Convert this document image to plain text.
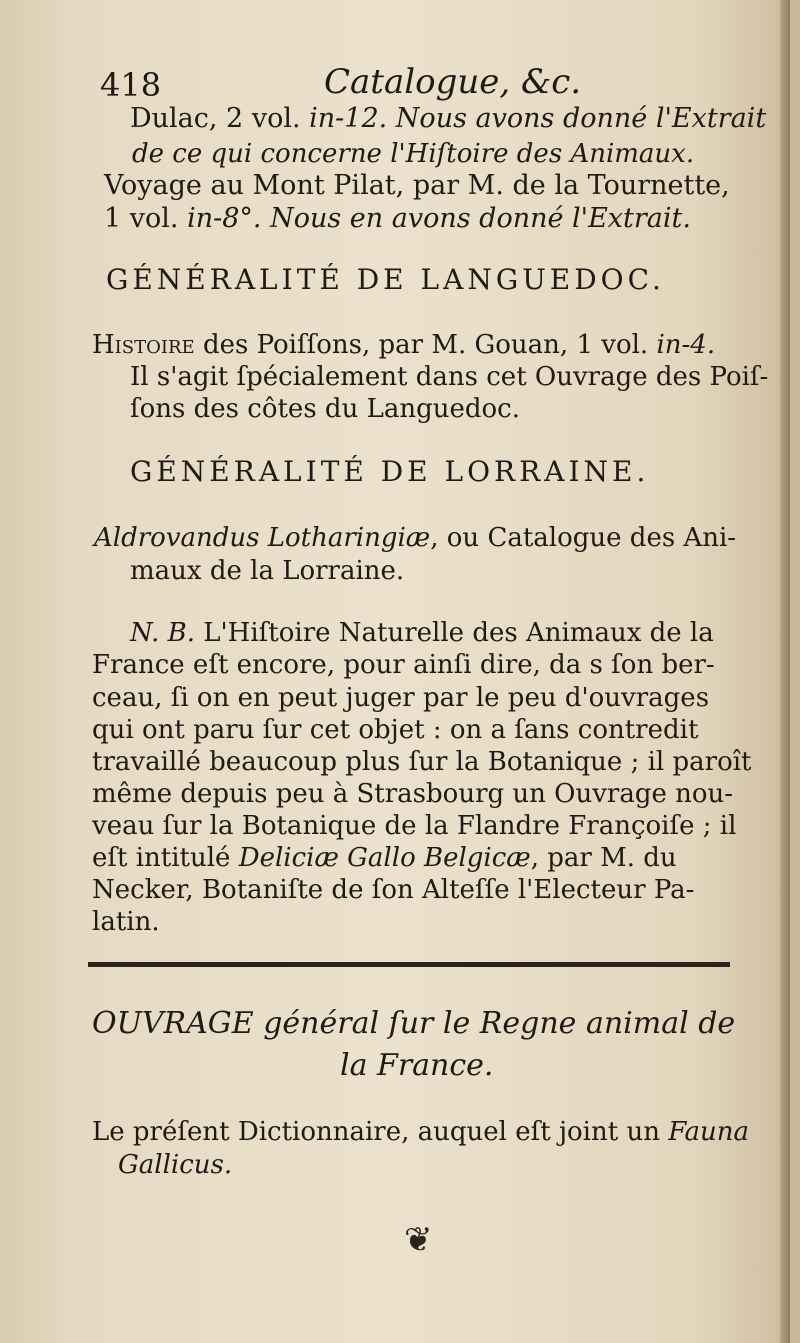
418	Catalogue, &c.
Dulac, 2 vol. in-12. Nous avons donné l'Extrait
de ce qui concerne l'Hiſtoire des Animaux.
Voyage au Mont Pilat, par M. de la Tournette,
1 vol. in-8°. Nous en avons donné l'Extrait.
GÉNÉRALITÉ DE LANGUEDOC.
Histoire des Poiſſons, par M. Gouan, 1 vol. in-4.
Il s'agit ſpécialement dans cet Ouvrage des Poiſ-
ſons des côtes du Languedoc.
GÉNÉRALITÉ DE LORRAINE.
Aldrovandus Lotharingiæ, ou Catalogue des Ani-
maux de la Lorraine.
N. B. L'Hiſtoire Naturelle des Animaux de la
France eſt encore, pour ainſi dire, da s ſon ber-
ceau, ſi on en peut juger par le peu d'ouvrages
qui ont paru ſur cet objet : on a ſans contredit
travaillé beaucoup plus ſur la Botanique ; il paroît
même depuis peu à Strasbourg un Ouvrage nou-
veau ſur la Botanique de la Flandre Françoiſe ; il
eſt intitulé Deliciæ Gallo Belgicæ, par M. du
Necker, Botaniſte de ſon Alteſſe l'Electeur Pa-
latin.
OUVRAGE général ſur le Regne animal de
la France.
Le préſent Dictionnaire, auquel eſt joint un Fauna
Gallicus.
❦
